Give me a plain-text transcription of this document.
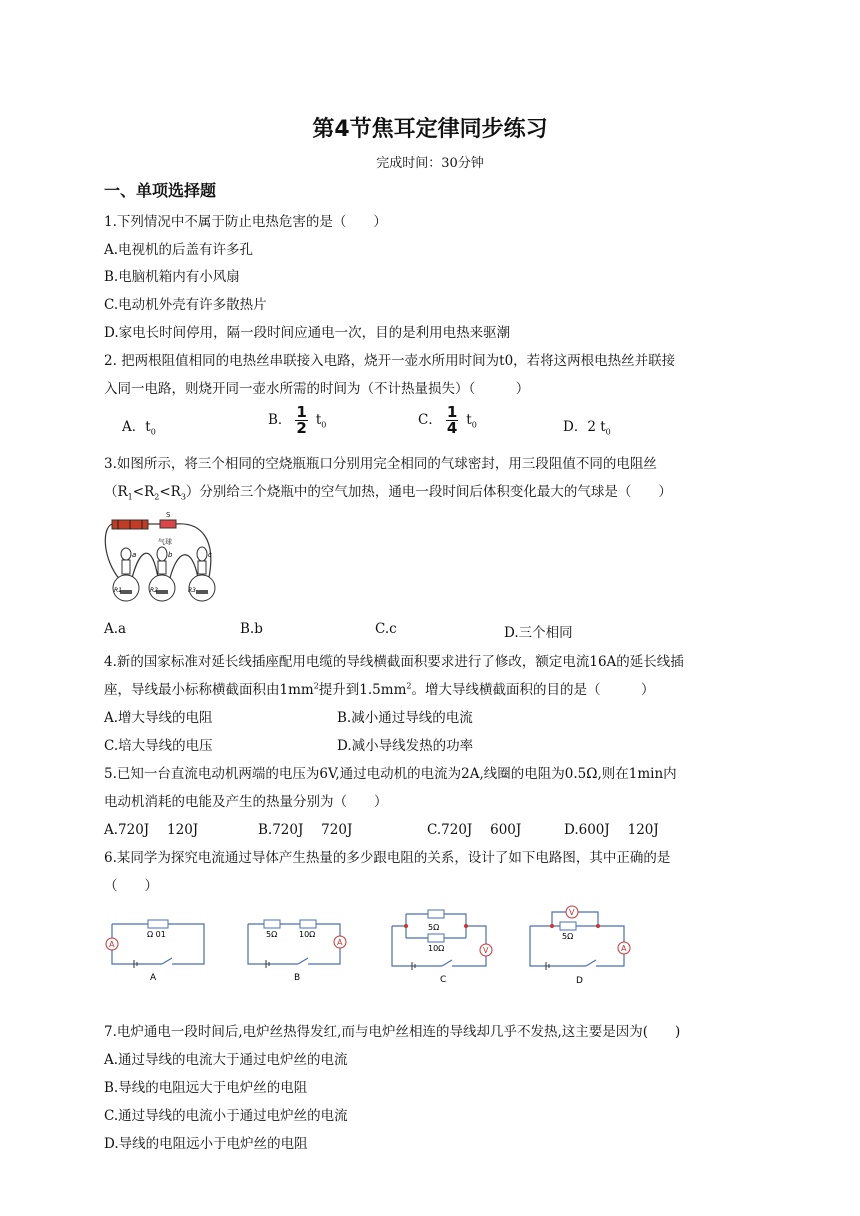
第4节焦耳定律同步练习
完成时间：30分钟
一、单项选择题
1.下列情况中不属于防止电热危害的是（　　）
A.电视机的后盖有许多孔
B.电脑机箱内有小风扇
C.电动机外壳有许多散热片
D.家电长时间停用，隔一段时间应通电一次，目的是利用电热来驱潮
2. 把两根阻值相同的电热丝串联接入电路，烧开一壶水所用时间为t0，若将这两根电热丝并联接
入同一电路，则烧开同一壶水所需的时间为（不计热量损失）（　　　）
A．$t_0$
B． $\frac{1}{2} t_0$	C． $\frac{1}{4} t_0$	D．2 $t_0$
3.如图所示，将三个相同的空烧瓶瓶口分别用完全相同的气球密封，用三段阻值不同的电阻丝
$(R_1<R_2<R_3)$分别给三个烧瓶中的空气加热，通电一段时间后体积变化最大的气球是（　　）
S
气球
a
R1
b
R2
c
R3
A.a	B.b	C.c	D.三个相同
4.新的国家标准对延长线插座配用电缆的导线横截面积要求进行了修改，额定电流16A的延长线插
座，导线最小标称横截面积由$1mm^2$提升到$1.5mm^2$。增大导线横截面积的目的是（　　　）
A.增大导线的电阻	B.减小通过导线的电流
C.培大导线的电压	D.减小导线发热的功率
5.已知一台直流电动机两端的电压为6V,通过电动机的电流为2A,线圈的电阻为0.5Ω,则在1min内
电动机消耗的电能及产生的热量分别为（　　）
A.720J　 120J	B.720J　 720J	C.720J　 600J	D.600J　 120J
6.某同学为探究电流通过导体产生热量的多少跟电阻的关系，设计了如下电路图，其中正确的是
（　　）
Ω 01
A
A
5Ω	10Ω
A
B
5Ω
10Ω	V
C
5Ω
V
A
D
7.电炉通电一段时间后,电炉丝热得发红,而与电炉丝相连的导线却几乎不发热,这主要是因为(　　)
A.通过导线的电流大于通过电炉丝的电流
B.导线的电阻远大于电炉丝的电阻
C.通过导线的电流小于通过电炉丝的电流
D.导线的电阻远小于电炉丝的电阻
